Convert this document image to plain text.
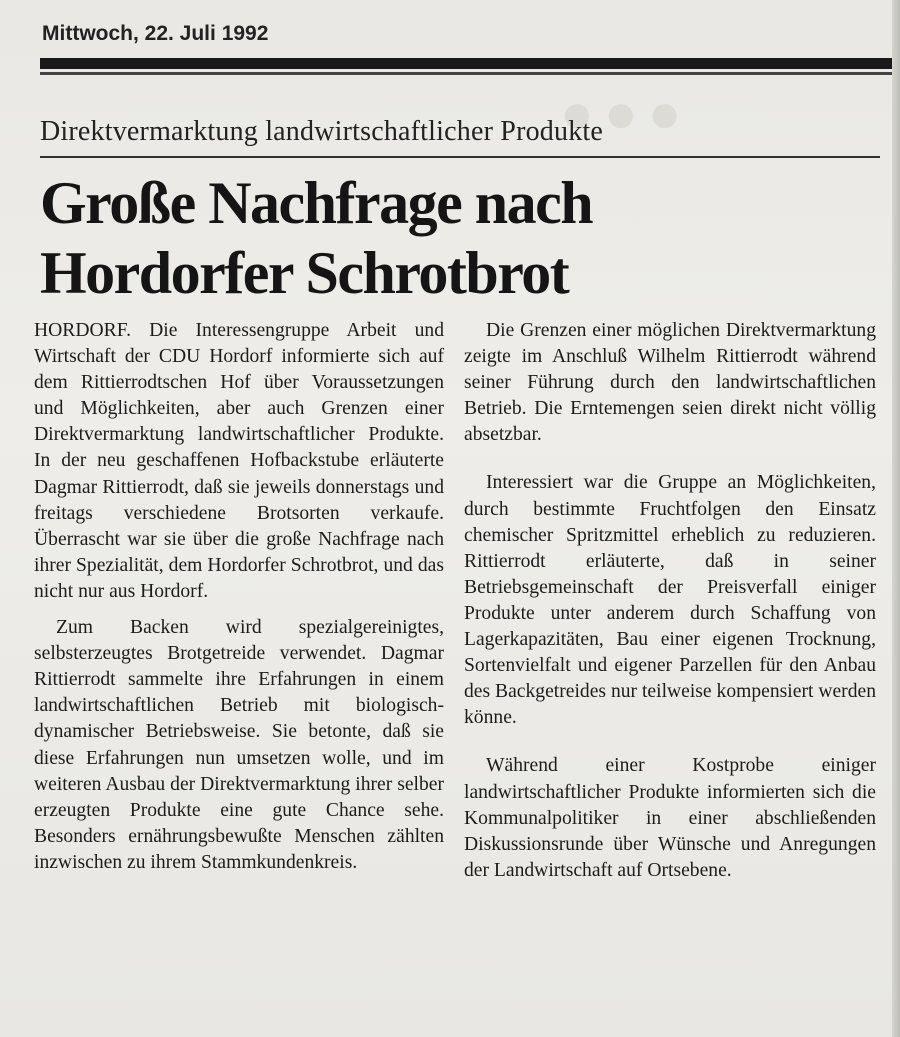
●●●
Mittwoch, 22. Juli 1992
Direktvermarktung landwirtschaftlicher Produkte
Große Nachfrage nach
Hordorfer Schrotbrot

HORDORF. Die Interessengruppe Arbeit und Wirtschaft der CDU Hordorf informierte sich auf dem Rittierrodtschen Hof über Voraussetzungen und Möglichkeiten, aber auch Grenzen einer Direktvermarktung landwirtschaftlicher Produkte. In der neu geschaffenen Hofbackstube erläuterte Dagmar Rittierrodt, daß sie jeweils donnerstags und freitags verschiedene Brotsorten verkaufe. Überrascht war sie über die große Nachfrage nach ihrer Spezialität, dem Hordorfer Schrotbrot, und das nicht nur aus Hordorf.

Zum Backen wird spezialgereinigtes, selbsterzeugtes Brotgetreide verwendet. Dagmar Rittierrodt sammelte ihre Erfahrungen in einem landwirtschaftlichen Betrieb mit biologisch-dynamischer Betriebsweise. Sie betonte, daß sie diese Erfahrungen nun umsetzen wolle, und im weiteren Ausbau der Direktvermarktung ihrer selber erzeugten Produkte eine gute Chance sehe. Besonders ernährungsbewußte Menschen zählten inzwischen zu ihrem Stammkundenkreis.

Die Grenzen einer möglichen Direktvermarktung zeigte im Anschluß Wilhelm Rittierrodt während seiner Führung durch den landwirtschaftlichen Betrieb. Die Erntemengen seien direkt nicht völlig absetzbar.

Interessiert war die Gruppe an Möglichkeiten, durch bestimmte Fruchtfolgen den Einsatz chemischer Spritzmittel erheblich zu reduzieren. Rittierrodt erläuterte, daß in seiner Betriebsgemeinschaft der Preisverfall einiger Produkte unter anderem durch Schaffung von Lagerkapazitäten, Bau einer eigenen Trocknung, Sortenvielfalt und eigener Parzellen für den Anbau des Backgetreides nur teilweise kompensiert werden könne.

Während einer Kostprobe einiger landwirtschaftlicher Produkte informierten sich die Kommunalpolitiker in einer abschließenden Diskussionsrunde über Wünsche und Anregungen der Landwirtschaft auf Ortsebene.
